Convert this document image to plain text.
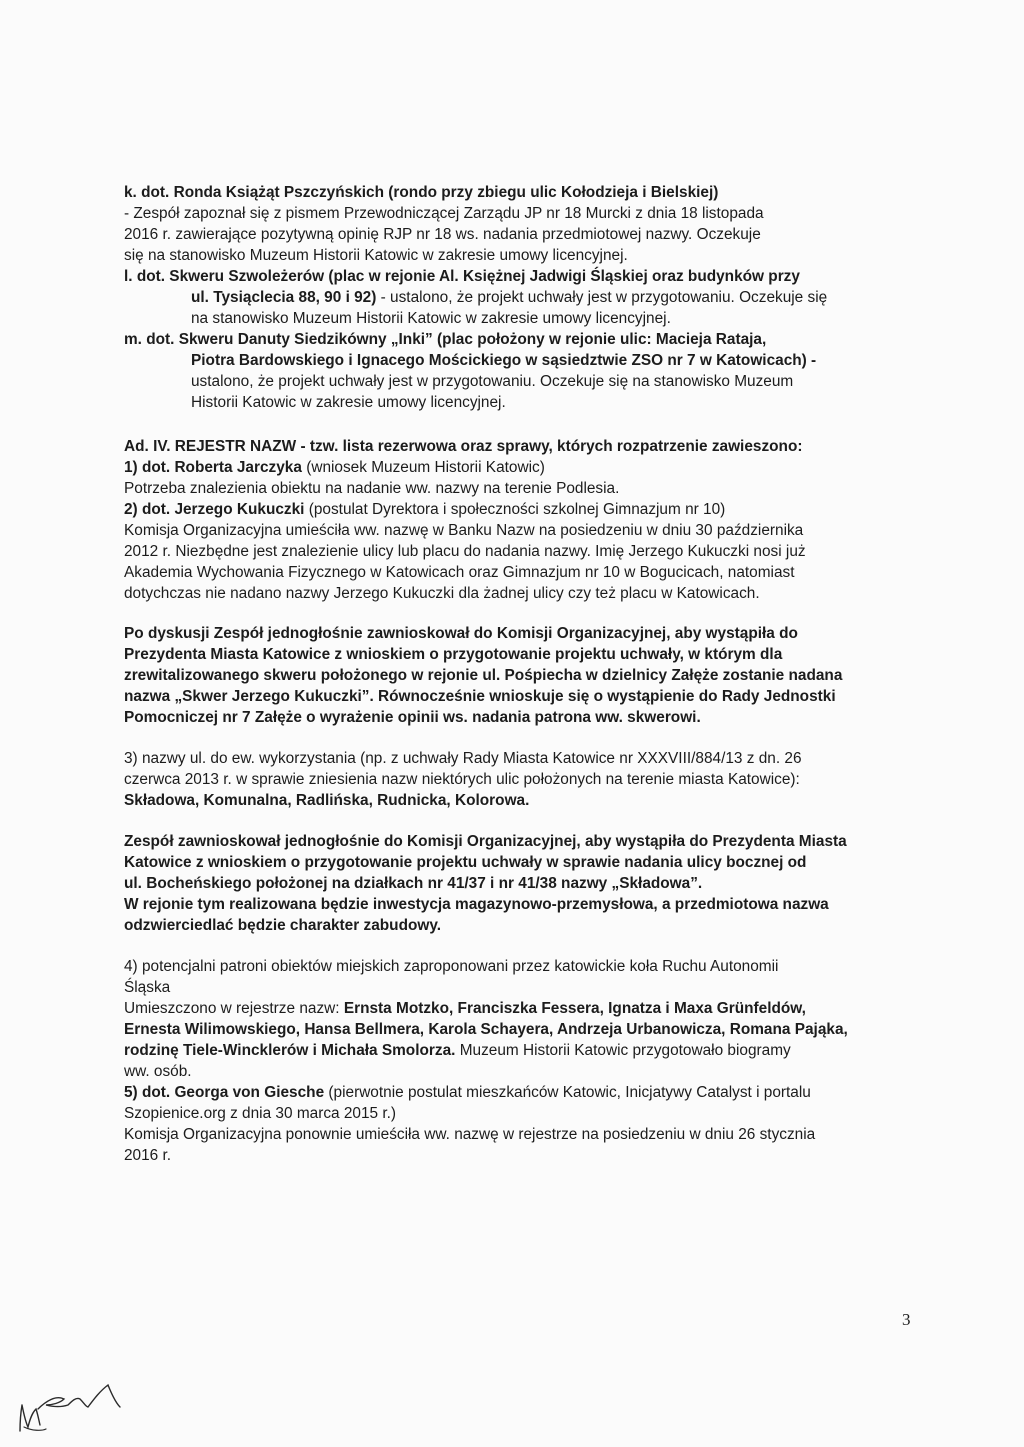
k. dot. Ronda Książąt Pszczyńskich (rondo przy zbiegu ulic Kołodzieja i Bielskiej)
- Zespół zapoznał się z pismem Przewodniczącej Zarządu JP nr 18 Murcki z dnia 18 listopada
2016 r. zawierające pozytywną opinię RJP nr 18 ws. nadania przedmiotowej nazwy. Oczekuje
się na stanowisko Muzeum Historii Katowic w zakresie umowy licencyjnej.
l. dot. Skweru Szwoleżerów (plac w rejonie Al. Księżnej Jadwigi Śląskiej oraz budynków przy
ul. Tysiąclecia 88, 90 i 92) - ustalono, że projekt uchwały jest w przygotowaniu. Oczekuje się
na stanowisko Muzeum Historii Katowic w zakresie umowy licencyjnej.
m. dot. Skweru Danuty Siedzikówny „Inki” (plac położony w rejonie ulic: Macieja Rataja,
Piotra Bardowskiego i Ignacego Mościckiego w sąsiedztwie ZSO nr 7 w Katowicach) -
ustalono, że projekt uchwały jest w przygotowaniu. Oczekuje się na stanowisko Muzeum
Historii Katowic w zakresie umowy licencyjnej.
Ad. IV. REJESTR NAZW - tzw. lista rezerwowa oraz sprawy, których rozpatrzenie zawieszono:
1) dot. Roberta Jarczyka (wniosek Muzeum Historii Katowic)
Potrzeba znalezienia obiektu na nadanie ww. nazwy na terenie Podlesia.
2) dot. Jerzego Kukuczki (postulat Dyrektora i społeczności szkolnej Gimnazjum nr 10)
Komisja Organizacyjna umieściła ww. nazwę w Banku Nazw na posiedzeniu w dniu 30 października
2012 r. Niezbędne jest znalezienie ulicy lub placu do nadania nazwy. Imię Jerzego Kukuczki nosi już
Akademia Wychowania Fizycznego w Katowicach oraz Gimnazjum nr 10 w Bogucicach, natomiast
dotychczas nie nadano nazwy Jerzego Kukuczki dla żadnej ulicy czy też placu w Katowicach.
Po dyskusji Zespół jednogłośnie zawnioskował do Komisji Organizacyjnej, aby wystąpiła do
Prezydenta Miasta Katowice z wnioskiem o przygotowanie projektu uchwały, w którym dla
zrewitalizowanego skweru położonego w rejonie ul. Pośpiecha w dzielnicy Załęże zostanie nadana
nazwa „Skwer Jerzego Kukuczki”. Równocześnie wnioskuje się o wystąpienie do Rady Jednostki
Pomocniczej nr 7 Załęże o wyrażenie opinii ws. nadania patrona ww. skwerowi.
3) nazwy ul. do ew. wykorzystania (np. z uchwały Rady Miasta Katowice nr XXXVIII/884/13 z dn. 26
czerwca 2013 r. w sprawie zniesienia nazw niektórych ulic położonych na terenie miasta Katowice):
Składowa, Komunalna, Radlińska, Rudnicka, Kolorowa.
Zespół zawnioskował jednogłośnie do Komisji Organizacyjnej, aby wystąpiła do Prezydenta Miasta
Katowice z wnioskiem o przygotowanie projektu uchwały w sprawie nadania ulicy bocznej od
ul. Bocheńskiego położonej na działkach nr 41/37 i nr 41/38 nazwy „Składowa”.
W rejonie tym realizowana będzie inwestycja magazynowo-przemysłowa, a przedmiotowa nazwa
odzwierciedlać będzie charakter zabudowy.
4) potencjalni patroni obiektów miejskich zaproponowani przez katowickie koła Ruchu Autonomii
Śląska
Umieszczono w rejestrze nazw: Ernsta Motzko, Franciszka Fessera, Ignatza i Maxa Grünfeldów,
Ernesta Wilimowskiego, Hansa Bellmera, Karola Schayera, Andrzeja Urbanowicza, Romana Pająka,
rodzinę Tiele-Wincklerów i Michała Smolorza. Muzeum Historii Katowic przygotowało biogramy
ww. osób.
5) dot. Georga von Giesche (pierwotnie postulat mieszkańców Katowic, Inicjatywy Catalyst i portalu
Szopienice.org z dnia 30 marca 2015 r.)
Komisja Organizacyjna ponownie umieściła ww. nazwę w rejestrze na posiedzeniu w dniu 26 stycznia
2016 r.
3
